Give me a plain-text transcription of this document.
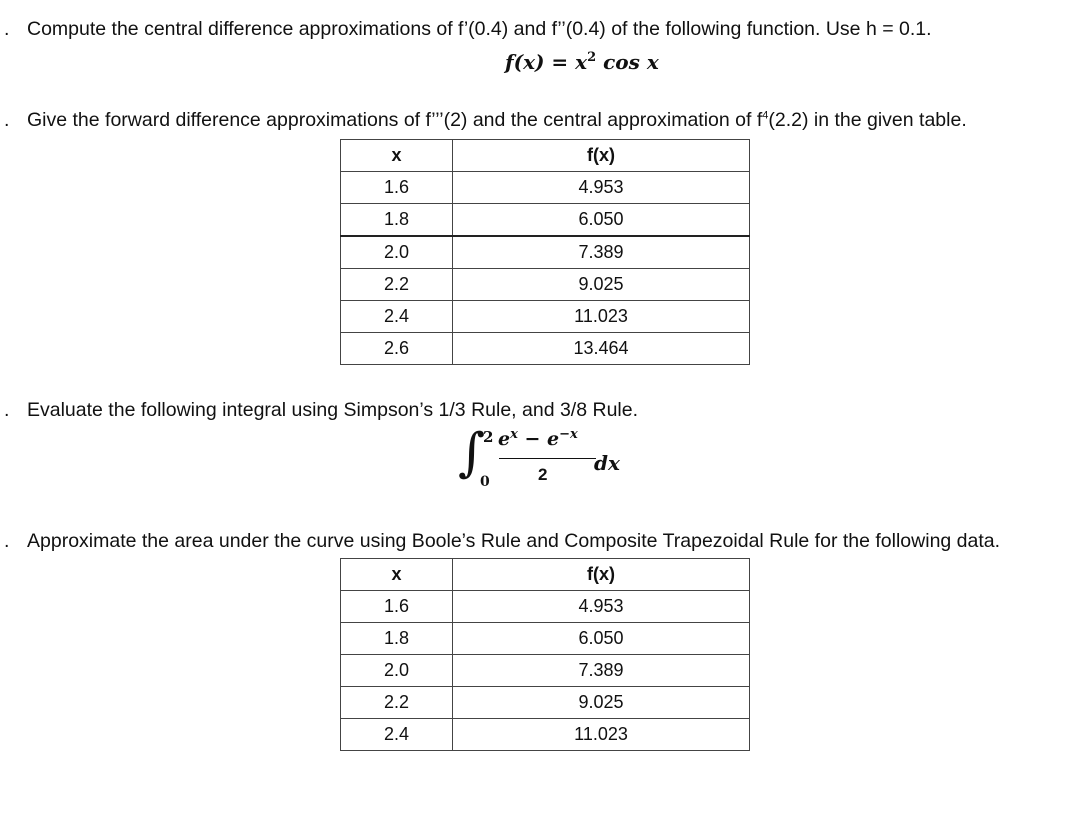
. Compute the central difference approximations of f’(0.4) and f’’(0.4) of the following function. Use h = 0.1.
$f(x) = x^2$ cos x
. Give the forward difference approximations of f’’’(2) and the central approximation of $f^4(2.2)$ in the given table.
x	f(x)
1.6	4.953
1.8	6.050
2.0	7.389
2.2	9.025
2.4	11.023
2.6	13.464
. Evaluate the following integral using Simpson’s 1/3 Rule, and 3/8 Rule.
∫
2
0
$e^x - e^{-x}$
2 dx
. Approximate the area under the curve using Boole’s Rule and Composite Trapezoidal Rule for the following data.
x	f(x)
1.6	4.953
1.8	6.050
2.0	7.389
2.2	9.025
2.4	11.023
